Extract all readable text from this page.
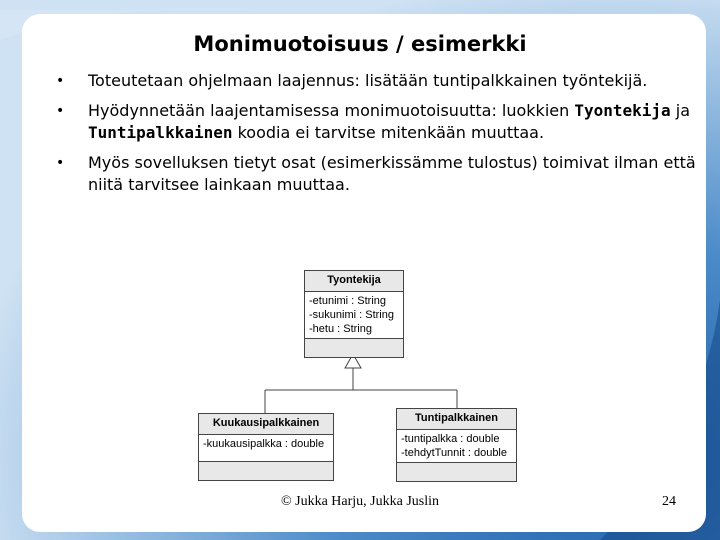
Monimuotoisuus / esimerkki
• Toteutetaan ohjelmaan laajennus: lisätään tuntipalkkainen työntekijä.
• Hyödynnetään laajentamisessa monimuotoisuutta: luokkien Tyontekija ja Tuntipalkkainen koodia ei tarvitse mitenkään muuttaa.
• Myös sovelluksen tietyt osat (esimerkissämme tulostus) toimivat ilman että niitä tarvitsee lainkaan muuttaa.
Tyontekija
-etunimi : String
-sukunimi : String
-hetu : String
Kuukausipalkkainen
-kuukausipalkka : double
Tuntipalkkainen
-tuntipalkka : double
-tehdytTunnit : double
© Jukka Harju, Jukka Juslin	24
